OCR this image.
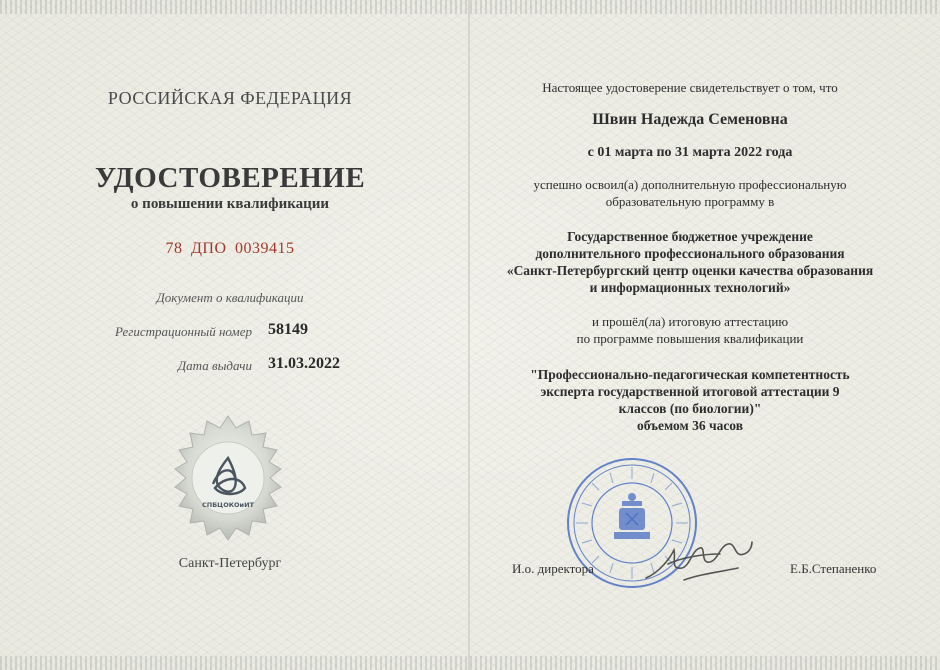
РОССИЙСКАЯ ФЕДЕРАЦИЯ
УДОСТОВЕРЕНИЕ
о повышении квалификации
78 ДПО 0039415
Документ о квалификации
Регистрационный номер 58149
Дата выдачи 31.03.2022
СПБЦОКОиИТ
Санкт-Петербург
Настоящее удостоверение свидетельствует о том, что
Швин Надежда Семеновна
с 01 марта по 31 марта 2022 года
успешно освоил(а) дополнительную профессиональную
образовательную программу в
Государственное бюджетное учреждение
дополнительного профессионального образования
«Санкт-Петербургский центр оценки качества образования
и информационных технологий»
и прошёл(ла) итоговую аттестацию
по программе повышения квалификации
"Профессионально-педагогическая компетентность
эксперта государственной итоговой аттестации 9
классов (по биологии)"
объемом 36 часов
И.о. директора	Е.Б.Степаненко
